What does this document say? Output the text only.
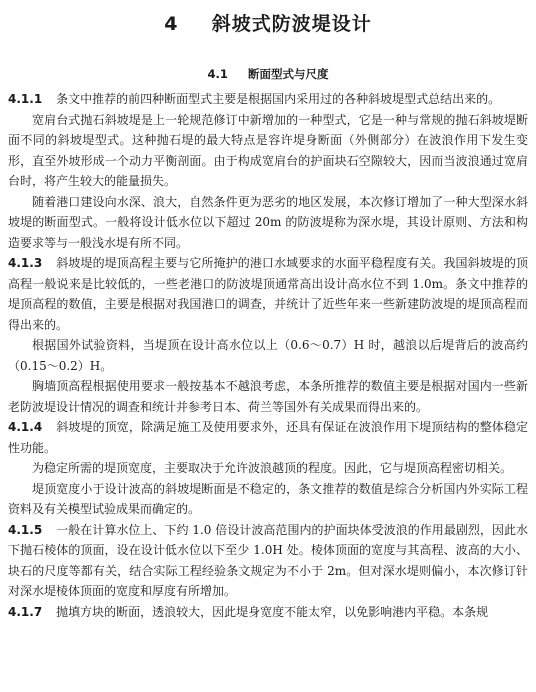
4 斜坡式防波堤设计
4.1 断面型式与尺度

4.1.1 条文中推荐的前四种断面型式主要是根据国内采用过的各种斜坡堤型式总结出来的。

宽肩台式抛石斜坡堤是上一轮规范修订中新增加的一种型式，它是一种与常规的抛石斜坡堤断面不同的斜坡堤型式。这种抛石堤的最大特点是容许堤身断面（外侧部分）在波浪作用下发生变形，直至外坡形成一个动力平衡剖面。由于构成宽肩台的护面块石空隙较大，因而当波浪通过宽肩台时，将产生较大的能量损失。

随着港口建设向水深、浪大，自然条件更为恶劣的地区发展，本次修订增加了一种大型深水斜坡堤的断面型式。一般将设计低水位以下超过 20m 的防波堤称为深水堤，其设计原则、方法和构造要求等与一般浅水堤有所不同。

4.1.3 斜坡堤的堤顶高程主要与它所掩护的港口水域要求的水面平稳程度有关。我国斜坡堤的顶高程一般说来是比较低的，一些老港口的防波堤顶通常高出设计高水位不到 1.0m。条文中推荐的堤顶高程的数值，主要是根据对我国港口的调查，并统计了近些年来一些新建防波堤的堤顶高程而得出来的。

根据国外试验资料，当堤顶在设计高水位以上（0.6～0.7）H 时，越浪以后堤背后的波高约（0.15～0.2）H。

胸墙顶高程根据使用要求一般按基本不越浪考虑，本条所推荐的数值主要是根据对国内一些新老防波堤设计情况的调查和统计并参考日本、荷兰等国外有关成果而得出来的。

4.1.4 斜坡堤的顶宽，除满足施工及使用要求外，还具有保证在波浪作用下堤顶结构的整体稳定性功能。

为稳定所需的堤顶宽度，主要取决于允许波浪越顶的程度。因此，它与堤顶高程密切相关。

堤顶宽度小于设计波高的斜坡堤断面是不稳定的，条文推荐的数值是综合分析国内外实际工程资料及有关模型试验成果而确定的。

4.1.5 一般在计算水位上、下约 1.0 倍设计波高范围内的护面块体受波浪的作用最剧烈，因此水下抛石棱体的顶面，设在设计低水位以下至少 1.0H 处。棱体顶面的宽度与其高程、波高的大小、块石的尺度等都有关，结合实际工程经验条文规定为不小于 2m。但对深水堤则偏小，本次修订针对深水堤棱体顶面的宽度和厚度有所增加。

4.1.7 抛填方块的断面，透浪较大，因此堤身宽度不能太窄，以免影响港内平稳。本条规
